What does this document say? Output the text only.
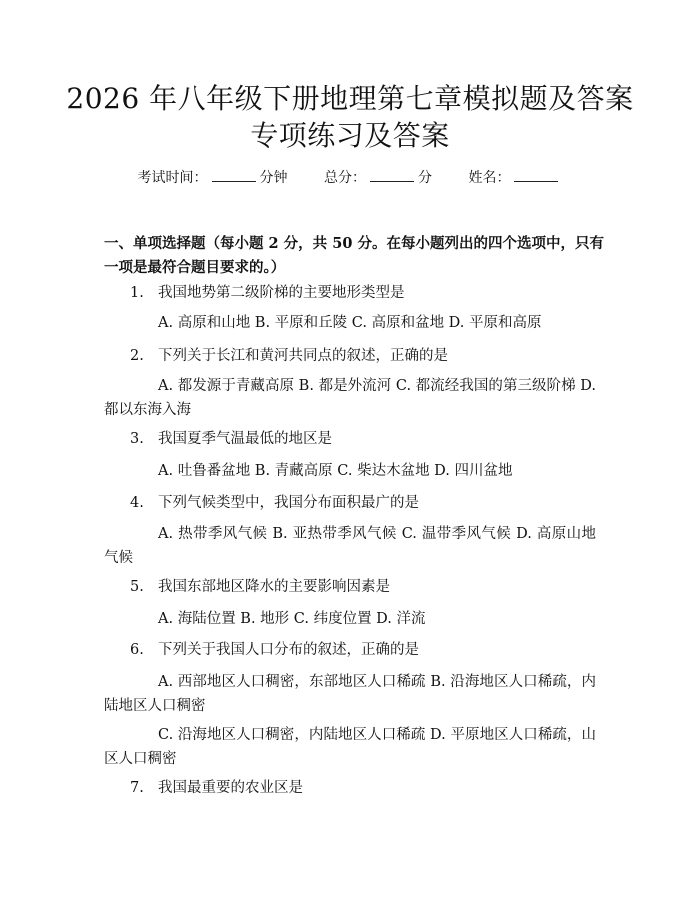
2026 年八年级下册地理第七章模拟题及答案
专项练习及答案
考试时间：	分钟	总分：	分	姓名：

一、单项选择题（每小题 2 分，共 50 分。在每小题列出的四个选项中，只有一项是最符合题目要求的。）

1. 我国地势第二级阶梯的主要地形类型是
A. 高原和山地 B. 平原和丘陵 C. 高原和盆地 D. 平原和高原
2. 下列关于长江和黄河共同点的叙述，正确的是
A. 都发源于青藏高原 B. 都是外流河 C. 都流经我国的第三级阶梯 D. 都以东海入海
3. 我国夏季气温最低的地区是
A. 吐鲁番盆地 B. 青藏高原 C. 柴达木盆地 D. 四川盆地
4. 下列气候类型中，我国分布面积最广的是
A. 热带季风气候 B. 亚热带季风气候 C. 温带季风气候 D. 高原山地气候
5. 我国东部地区降水的主要影响因素是
A. 海陆位置 B. 地形 C. 纬度位置 D. 洋流
6. 下列关于我国人口分布的叙述，正确的是
A. 西部地区人口稠密，东部地区人口稀疏 B. 沿海地区人口稀疏，内陆地区人口稠密
C. 沿海地区人口稠密，内陆地区人口稀疏 D. 平原地区人口稀疏，山区人口稠密
7. 我国最重要的农业区是
